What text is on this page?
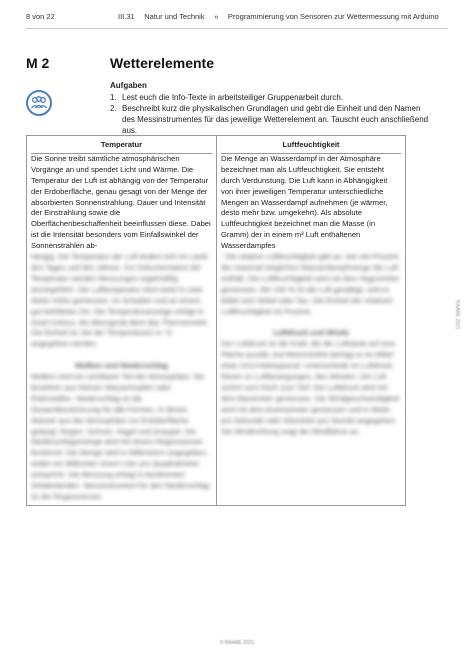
8 von 22	III.31  Natur und Technik  »  Programmierung von Sensoren zur Wettermessung mit Arduino
M 2	Wetterelemente
Aufgaben
1. Lest euch die Info-Texte in arbeitsteiliger Gruppenarbeit durch.
2. Beschreibt kurz die physikalischen Grundlagen und gebt die Einheit und den Namen des Messinstrumentes für das jeweilige Wetterelement an. Tauscht euch anschließend aus.
Temperatur
Die Sonne treibt sämtliche atmosphärischen Vorgänge an und spendet Licht und Wärme. Die Temperatur der Luft ist abhängig von der Temperatur der Erdoberfläche, genau gesagt von der Menge der absorbierten Sonnenstrahlung. Dauer und Intensität der Einstrahlung sowie die Oberflächenbeschaffenheit beeinflussen diese. Dabei ist die Intensität besonders vom Einfallswinkel der Sonnenstrahlen ab-
hängig. Die Temperatur der Luft ändert sich im Laufe des Tages und des Jahres. Zur Dokumentation der Temperatur werden Messungen regelmäßig durchgeführt. Die Lufttemperatur wird meist in zwei Meter Höhe gemessen, im Schatten und an einem gut belüfteten Ort. Die Temperaturanzeige erfolgt in Grad Celsius. Als Messgerät dient das Thermometer.
Die Einheit ist, bei der Temperaturen in °C angegeben werden.

Wolken und Niederschlag
Wolken sind ein sichtbarer Teil der Atmosphäre. Sie bestehen aus kleinen Wassertropfen oder Eiskristallen. Niederschlag ist die Gesamtbezeichnung für alle Formen, in denen Wasser aus der Atmosphäre zur Erdoberfläche gelangt: Regen, Schnee, Hagel und Graupel. Die Niederschlagsmenge wird mit einem Regenmesser bestimmt. Die Menge wird in Millimetern angegeben, wobei ein Millimeter einem Liter pro Quadratmeter entspricht. Die Messung erfolgt in bestimmten Zeitabständen. Messinstrument für den Niederschlag ist der Regenmesser.
Luftfeuchtigkeit
Die Menge an Wasserdampf in der Atmosphäre bezeichnet man als Luftfeuchtigkeit. Sie entsteht durch Verdunstung. Die Luft kann in Abhängigkeit von ihrer jeweiligen Temperatur unterschiedliche Mengen an Wasserdampf aufnehmen (je wärmer, desto mehr bzw. umgekehrt). Als absolute Luftfeuchtigkeit bezeichnet man die Masse (in Gramm) der in einem m³ Luft enthaltenen Wasserdampfes
. Die relative Luftfeuchtigkeit gibt an, wie viel Prozent der maximal möglichen Wasserdampfmenge die Luft enthält. Die Luftfeuchtigkeit wird mit dem Hygrometer gemessen. Bei 100 % ist die Luft gesättigt, und es bildet sich Nebel oder Tau. Die Einheit der relativen Luftfeuchtigkeit ist Prozent.

Luftdruck und Winde
Der Luftdruck ist die Kraft, die die Luftsäule auf eine Fläche ausübt. Auf Meereshöhe beträgt er im Mittel etwa 1013 Hektopascal. Unterschiede im Luftdruck führen zu Luftbewegungen, den Winden. Die Luft strömt vom Hoch zum Tief. Der Luftdruck wird mit dem Barometer gemessen. Die Windgeschwindigkeit wird mit dem Anemometer gemessen und in Meter pro Sekunde oder Kilometer pro Stunde angegeben. Die Windrichtung zeigt die Windfahne an.
RAABE 2021
© RAABE 2021
